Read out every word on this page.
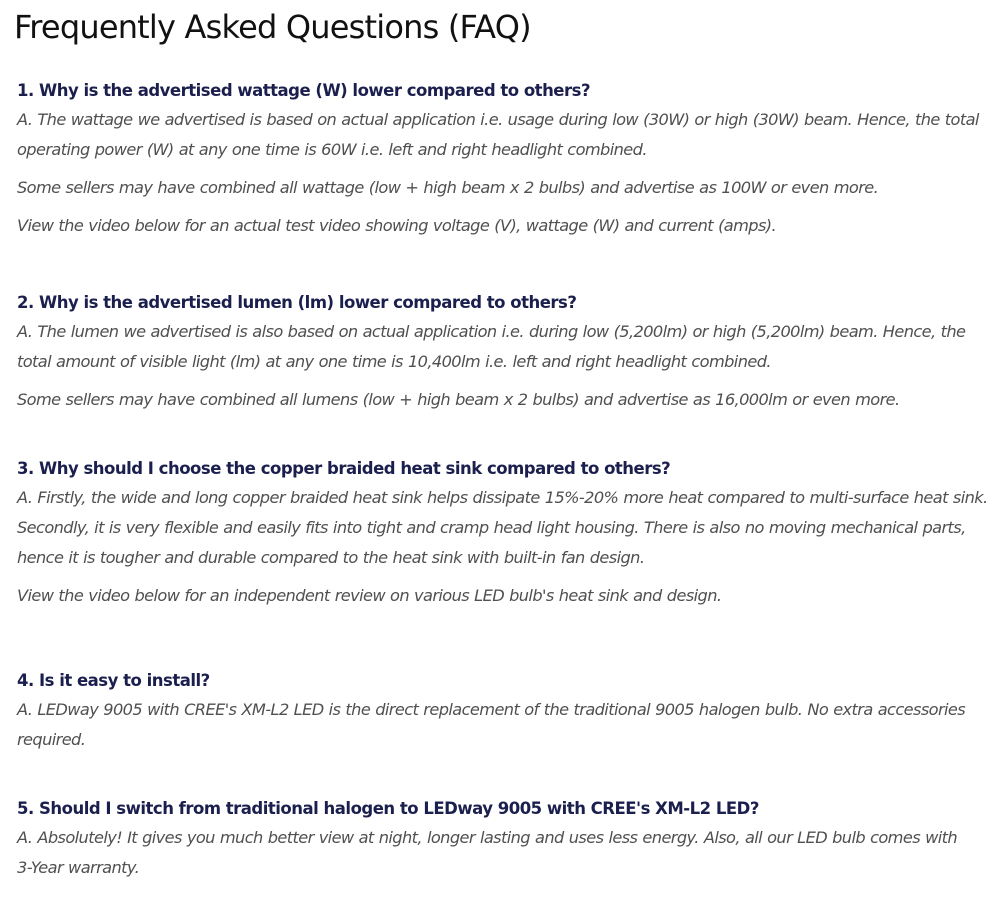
Frequently Asked Questions (FAQ)
1. Why is the advertised wattage (W) lower compared to others?

A. The wattage we advertised is based on actual application i.e. usage during low (30W) or high (30W) beam. Hence, the total operating power (W) at any one time is 60W i.e. left and right headlight combined.

Some sellers may have combined all wattage (low + high beam x 2 bulbs) and advertise as 100W or even more.

View the video below for an actual test video showing voltage (V), wattage (W) and current (amps).

2. Why is the advertised lumen (lm) lower compared to others?

A. The lumen we advertised is also based on actual application i.e. during low (5,200lm) or high (5,200lm) beam. Hence, the total amount of visible light (lm) at any one time is 10,400lm i.e. left and right headlight combined.

Some sellers may have combined all lumens (low + high beam x 2 bulbs) and advertise as 16,000lm or even more.

3. Why should I choose the copper braided heat sink compared to others?

A. Firstly, the wide and long copper braided heat sink helps dissipate 15%-20% more heat compared to multi-surface heat sink. Secondly, it is very flexible and easily fits into tight and cramp head light housing. There is also no moving mechanical parts, hence it is tougher and durable compared to the heat sink with built-in fan design.

View the video below for an independent review on various LED bulb's heat sink and design.

4. Is it easy to install?

A. LEDway 9005 with CREE's XM-L2 LED is the direct replacement of the traditional 9005 halogen bulb. No extra accessories required.

5. Should I switch from traditional halogen to LEDway 9005 with CREE's XM-L2 LED?

A. Absolutely! It gives you much better view at night, longer lasting and uses less energy. Also, all our LED bulb comes with 3-Year warranty.
